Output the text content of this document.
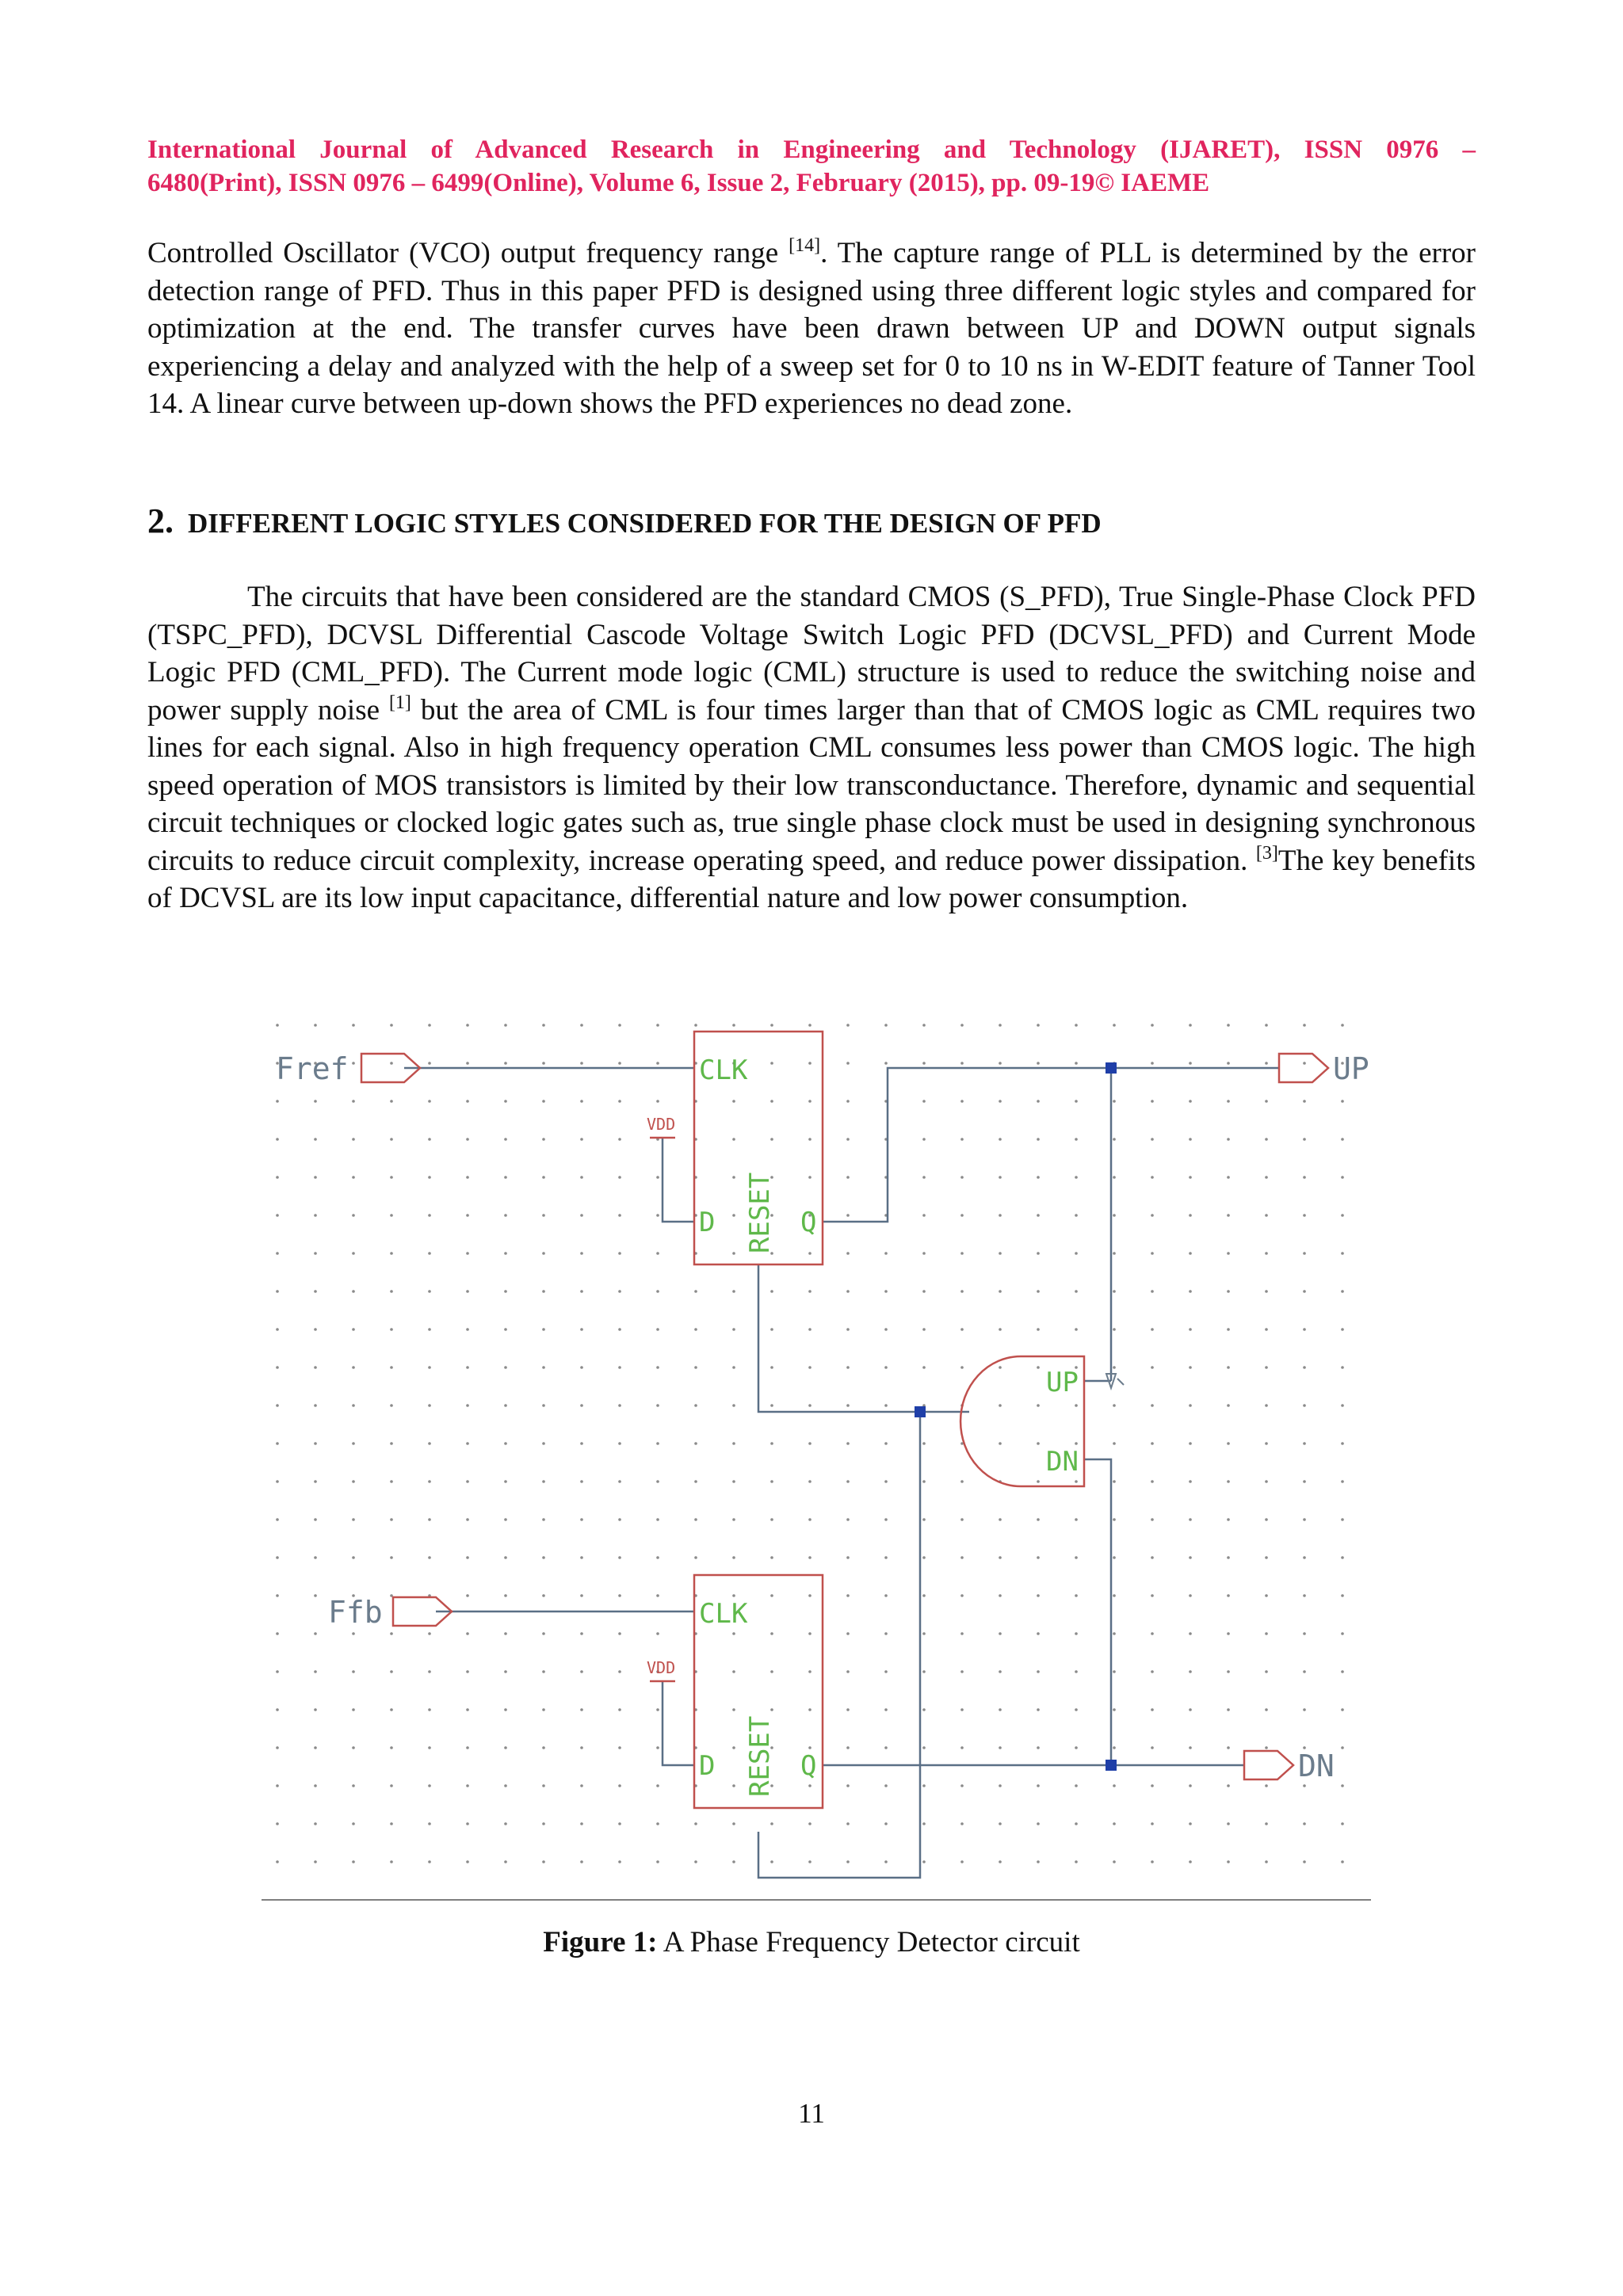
International Journal of Advanced Research in Engineering and Technology (IJARET), ISSN 0976 –
6480(Print), ISSN 0976 – 6499(Online), Volume 6, Issue 2, February (2015), pp. 09-19© IAEME
Controlled Oscillator (VCO) output frequency range [14]. The capture range of PLL is determined by the error detection range of PFD. Thus in this paper PFD is designed using three different logic styles and compared for optimization at the end. The transfer curves have been drawn between UP and DOWN output signals experiencing a delay and analyzed with the help of a sweep set for 0 to 10 ns in W-EDIT feature of Tanner Tool 14. A linear curve between up-down shows the PFD experiences no dead zone.
2. DIFFERENT LOGIC STYLES CONSIDERED FOR THE DESIGN OF PFD
The circuits that have been considered are the standard CMOS (S_PFD), True Single-Phase Clock PFD (TSPC_PFD), DCVSL Differential Cascode Voltage Switch Logic PFD (DCVSL_PFD) and Current Mode Logic PFD (CML_PFD). The Current mode logic (CML) structure is used to reduce the switching noise and power supply noise [1] but the area of CML is four times larger than that of CMOS logic as CML requires two lines for each signal. Also in high frequency operation CML consumes less power than CMOS logic. The high speed operation of MOS transistors is limited by their low transconductance. Therefore, dynamic and sequential circuit techniques or clocked logic gates such as, true single phase clock must be used in designing synchronous circuits to reduce circuit complexity, increase operating speed, and reduce power dissipation. [3]The key benefits of DCVSL are its low input capacitance, differential nature and low power consumption.
Fref
Ffb
UP
DN
CLK
D	Q
RESET
CLK
D	Q
RESET
UP
DN
VDD
VDD
Figure 1: A Phase Frequency Detector circuit
11
